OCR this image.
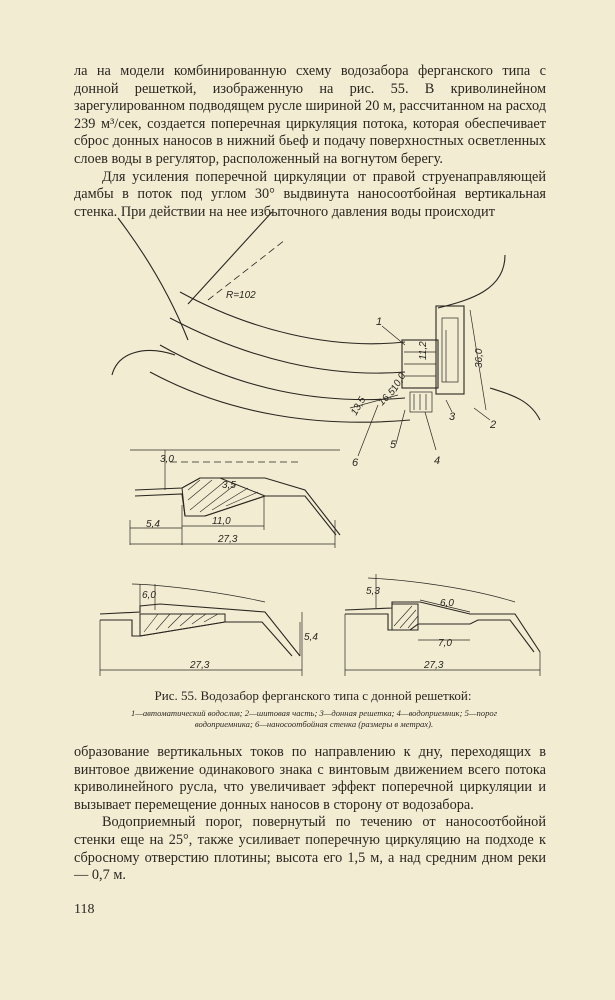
ла на модели комбинированную схему водозабора ферганского типа с донной решеткой, изображенную на рис. 55. В криволинейном зарегулированном подводящем русле шириной 20 м, рассчитанном на расход 239 м³/сек, создается поперечная циркуляция потока, которая обеспечивает сброс донных наносов в нижний бьеф и подачу поверхностных осветленных слоев воды в регулятор, расположенный на вогнутом берегу.

Для усиления поперечной циркуляции от правой струенаправляющей дамбы в поток под углом 30° выдвинута наносоотбойная вертикальная стенка. При действии на нее избыточного давления воды происходит

R=102
11,2	36,0
10,0
13,5 16,5
1
2
3
4
5
6
3,0
3,5
5,4	11,0
27,3
6,0
5,4
27,3
5,3
6,0
7,0
27,3
Рис. 55. Водозабор ферганского типа с донной решеткой:
1—автоматический водослив; 2—шитовая часть; 3—донная решетка; 4—водоприемник; 5—порог водоприемника; 6—наносоотбойная стенка (размеры в метрах).

образование вертикальных токов по направлению к дну, переходящих в винтовое движение одинакового знака с винтовым движением всего потока криволинейного русла, что увеличивает эффект поперечной циркуляции и вызывает перемещение донных наносов в сторону от водозабора.

Водоприемный порог, повернутый по течению от наносоотбойной стенки еще на 25°, также усиливает поперечную циркуляцию на подходе к сбросному отверстию плотины; высота его 1,5 м, а над средним дном реки — 0,7 м.

118
